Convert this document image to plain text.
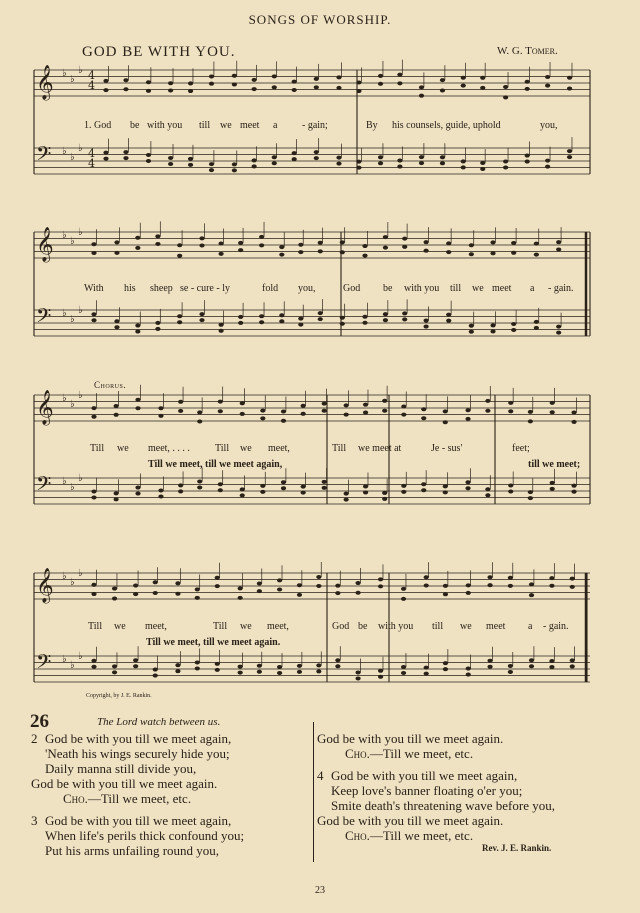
SONGS OF WORSHIP.
GOD BE WITH YOU.	W. G. Tomer.
𝄞 ♭
♭
♭ 4
4
𝄢 ♭
♭
♭ 4
4
𝄞 ♭
♭
♭
𝄢 ♭
♭
♭
𝄞 ♭
♭
♭
𝄢 ♭
♭
♭
𝄞 ♭
♭
♭
𝄢 ♭
♭
♭
1. God be with you till we meet a - gain;	By his counsels, guide, uphold	you,
With his sheep se - cure - ly	fold you,	God be with you till we meet a - gain.
Chorus.
Till we meet, . . . .	Till we meet,	Till we meet at	Je - sus'	feet;
Till we meet, till we meet again,	till we meet;
Till we meet,	Till we meet,	God be with you till we meet a - gain.
Till we meet, till we meet again.
Copyright, by J. E. Rankin.
26	The Lord watch between us.
2 God be with you till we meet again,
'Neath his wings securely hide you;
Daily manna still divide you,
God be with you till we meet again.
Cho.—Till we meet, etc.
3 God be with you till we meet again,
When life's perils thick confound you;
Put his arms unfailing round you,
God be with you till we meet again.
Cho.—Till we meet, etc.
4 God be with you till we meet again,
Keep love's banner floating o'er you;
Smite death's threatening wave before you,
God be with you till we meet again.
Cho.—Till we meet, etc.
Rev. J. E. Rankin.
23
